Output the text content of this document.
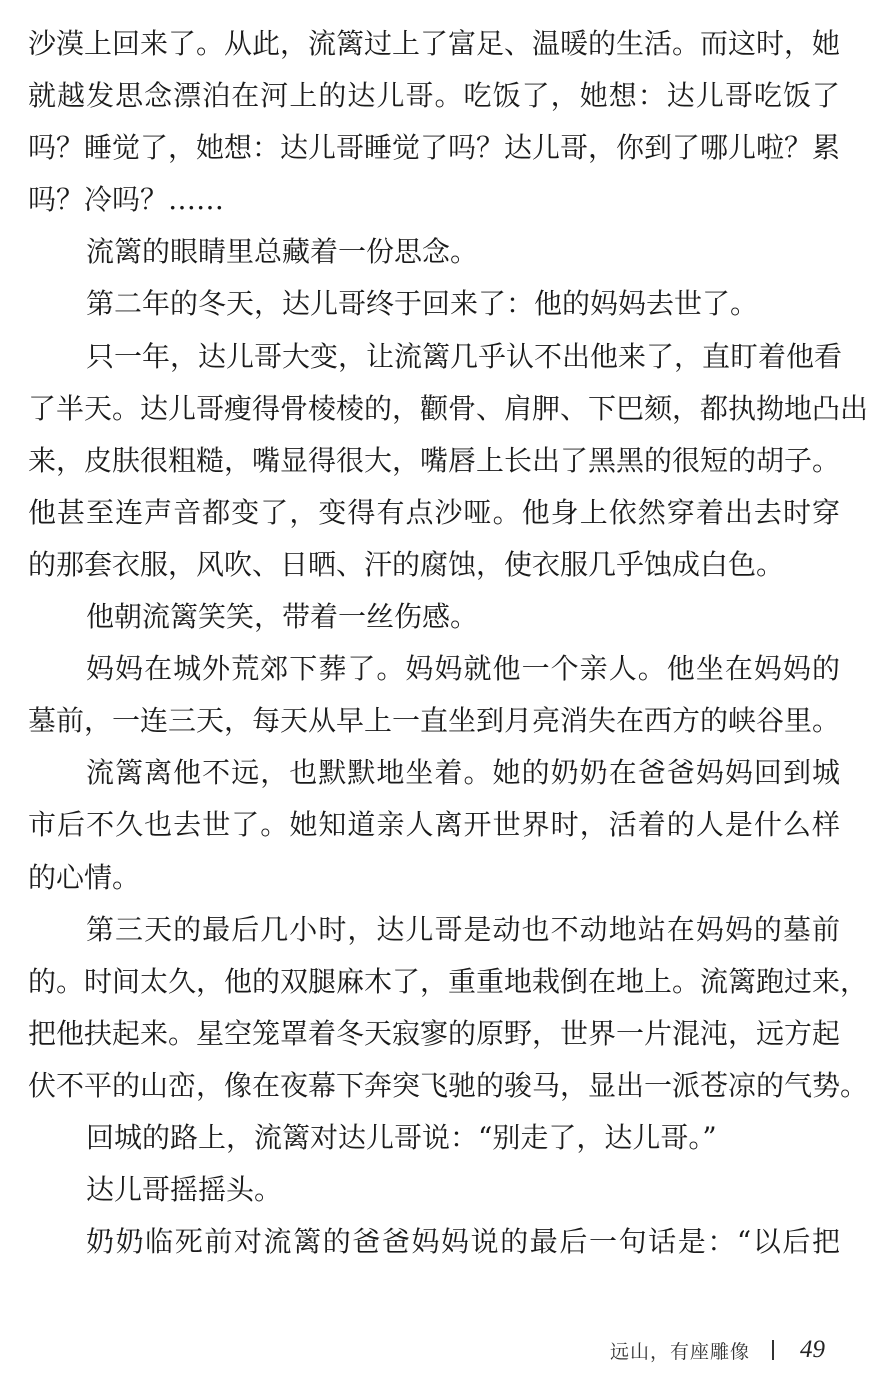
沙漠上回来了。从此，流篱过上了富足、温暖的生活。而这时，她
就越发思念漂泊在河上的达儿哥。吃饭了，她想：达儿哥吃饭了
吗？睡觉了，她想：达儿哥睡觉了吗？达儿哥，你到了哪儿啦？累
吗？冷吗？……
流篱的眼睛里总藏着一份思念。
第二年的冬天，达儿哥终于回来了：他的妈妈去世了。
只一年，达儿哥大变，让流篱几乎认不出他来了，直盯着他看
了半天。达儿哥瘦得骨棱棱的，颧骨、肩胛、下巴颏，都执拗地凸出
来，皮肤很粗糙，嘴显得很大，嘴唇上长出了黑黑的很短的胡子。
他甚至连声音都变了，变得有点沙哑。他身上依然穿着出去时穿
的那套衣服，风吹、日晒、汗的腐蚀，使衣服几乎蚀成白色。
他朝流篱笑笑，带着一丝伤感。
妈妈在城外荒郊下葬了。妈妈就他一个亲人。他坐在妈妈的
墓前，一连三天，每天从早上一直坐到月亮消失在西方的峡谷里。
流篱离他不远，也默默地坐着。她的奶奶在爸爸妈妈回到城
市后不久也去世了。她知道亲人离开世界时，活着的人是什么样
的心情。
第三天的最后几小时，达儿哥是动也不动地站在妈妈的墓前
的。时间太久，他的双腿麻木了，重重地栽倒在地上。流篱跑过来，
把他扶起来。星空笼罩着冬天寂寥的原野，世界一片混沌，远方起
伏不平的山峦，像在夜幕下奔突飞驰的骏马，显出一派苍凉的气势。
回城的路上，流篱对达儿哥说：“别走了，达儿哥。”
达儿哥摇摇头。
奶奶临死前对流篱的爸爸妈妈说的最后一句话是：“以后把
远山，有座雕像 49
